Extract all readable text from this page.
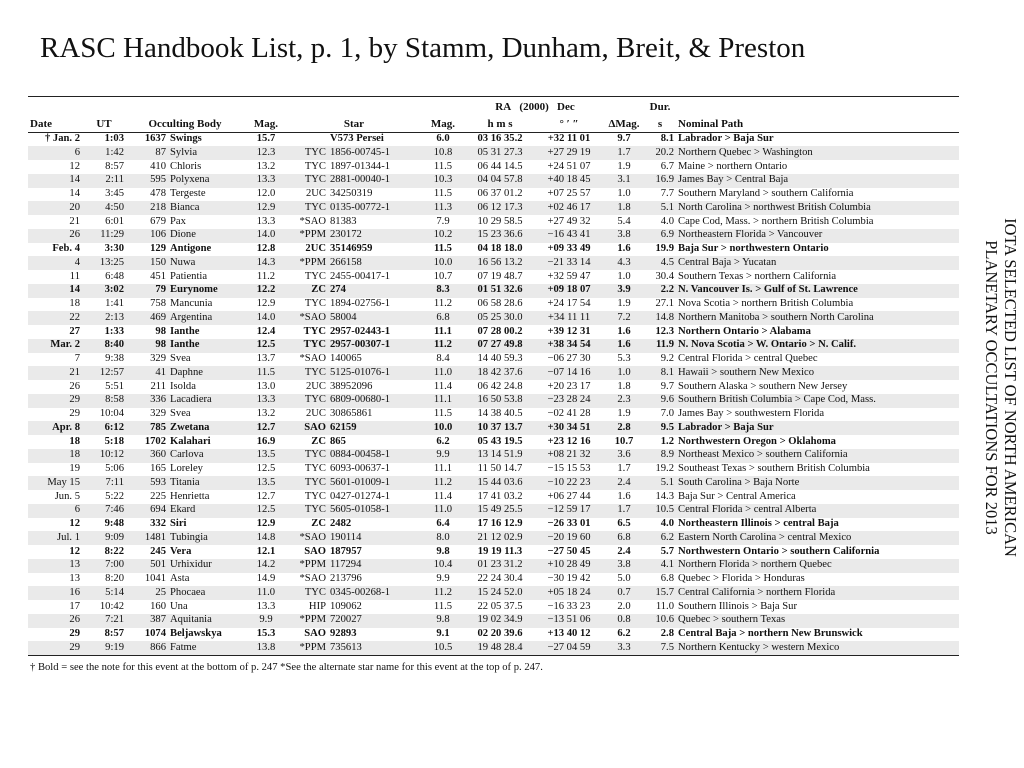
RASC Handbook List, p. 1, by Stamm, Dunham, Breit, & Preston
								RA (2000) Dec			Dur.	
Date	UT	Occulting Body		Mag.	Star		Mag.	h m s	° ′ ″	ΔMag.	s	Nominal Path
† Jan. 2	1:03	1637	Swings	15.7		V573 Persei	6.0	03 16 35.2	+32 11 01	9.7	8.1	Labrador > Baja Sur
6	1:42	87	Sylvia	12.3	TYC	1856-00745-1	10.8	05 31 27.3	+27 29 19	1.7	20.2	Northern Quebec > Washington
12	8:57	410	Chloris	13.2	TYC	1897-01344-1	11.5	06 44 14.5	+24 51 07	1.9	6.7	Maine > northern Ontario
14	2:11	595	Polyxena	13.3	TYC	2881-00040-1	10.3	04 04 57.8	+40 18 45	3.1	16.9	James Bay > Central Baja
14	3:45	478	Tergeste	12.0	2UC	34250319	11.5	06 37 01.2	+07 25 57	1.0	7.7	Southern Maryland > southern California
20	4:50	218	Bianca	12.9	TYC	0135-00772-1	11.3	06 12 17.3	+02 46 17	1.8	5.1	North Carolina > northwest British Columbia
21	6:01	679	Pax	13.3	*SAO	81383	7.9	10 29 58.5	+27 49 32	5.4	4.0	Cape Cod, Mass. > northern British Columbia
26	11:29	106	Dione	14.0	*PPM	230172	10.2	15 23 36.6	−16 43 41	3.8	6.9	Northeastern Florida > Vancouver
Feb. 4	3:30	129	Antigone	12.8	2UC	35146959	11.5	04 18 18.0	+09 33 49	1.6	19.9	Baja Sur > northwestern Ontario
4	13:25	150	Nuwa	14.3	*PPM	266158	10.0	16 56 13.2	−21 33 14	4.3	4.5	Central Baja > Yucatan
11	6:48	451	Patientia	11.2	TYC	2455-00417-1	10.7	07 19 48.7	+32 59 47	1.0	30.4	Southern Texas > northern California
14	3:02	79	Eurynome	12.2	ZC	274	8.3	01 51 32.6	+09 18 07	3.9	2.2	N. Vancouver Is. > Gulf of St. Lawrence
18	1:41	758	Mancunia	12.9	TYC	1894-02756-1	11.2	06 58 28.6	+24 17 54	1.9	27.1	Nova Scotia > northern British Columbia
22	2:13	469	Argentina	14.0	*SAO	58004	6.8	05 25 30.0	+34 11 11	7.2	14.8	Northern Manitoba > southern North Carolina
27	1:33	98	Ianthe	12.4	TYC	2957-02443-1	11.1	07 28 00.2	+39 12 31	1.6	12.3	Northern Ontario > Alabama
Mar. 2	8:40	98	Ianthe	12.5	TYC	2957-00307-1	11.2	07 27 49.8	+38 34 54	1.6	11.9	N. Nova Scotia > W. Ontario > N. Calif.
7	9:38	329	Svea	13.7	*SAO	140065	8.4	14 40 59.3	−06 27 30	5.3	9.2	Central Florida > central Quebec
21	12:57	41	Daphne	11.5	TYC	5125-01076-1	11.0	18 42 37.6	−07 14 16	1.0	8.1	Hawaii > southern New Mexico
26	5:51	211	Isolda	13.0	2UC	38952096	11.4	06 42 24.8	+20 23 17	1.8	9.7	Southern Alaska > southern New Jersey
29	8:58	336	Lacadiera	13.3	TYC	6809-00680-1	11.1	16 50 53.8	−23 28 24	2.3	9.6	Southern British Columbia > Cape Cod, Mass.
29	10:04	329	Svea	13.2	2UC	30865861	11.5	14 38 40.5	−02 41 28	1.9	7.0	James Bay > southwestern Florida
Apr. 8	6:12	785	Zwetana	12.7	SAO	62159	10.0	10 37 13.7	+30 34 51	2.8	9.5	Labrador > Baja Sur
18	5:18	1702	Kalahari	16.9	ZC	865	6.2	05 43 19.5	+23 12 16	10.7	1.2	Northwestern Oregon > Oklahoma
18	10:12	360	Carlova	13.5	TYC	0884-00458-1	9.9	13 14 51.9	+08 21 32	3.6	8.9	Northeast Mexico > southern California
19	5:06	165	Loreley	12.5	TYC	6093-00637-1	11.1	11 50 14.7	−15 15 53	1.7	19.2	Southeast Texas > southern British Columbia
May 15	7:11	593	Titania	13.5	TYC	5601-01009-1	11.2	15 44 03.6	−10 22 23	2.4	5.1	South Carolina > Baja Norte
Jun. 5	5:22	225	Henrietta	12.7	TYC	0427-01274-1	11.4	17 41 03.2	+06 27 44	1.6	14.3	Baja Sur > Central America
6	7:46	694	Ekard	12.5	TYC	5605-01058-1	11.0	15 49 25.5	−12 59 17	1.7	10.5	Central Florida > central Alberta
12	9:48	332	Siri	12.9	ZC	2482	6.4	17 16 12.9	−26 33 01	6.5	4.0	Northeastern Illinois > central Baja
Jul. 1	9:09	1481	Tubingia	14.8	*SAO	190114	8.0	21 12 02.9	−20 19 60	6.8	6.2	Eastern North Carolina > central Mexico
12	8:22	245	Vera	12.1	SAO	187957	9.8	19 19 11.3	−27 50 45	2.4	5.7	Northwestern Ontario > southern California
13	7:00	501	Urhixidur	14.2	*PPM	117294	10.4	01 23 31.2	+10 28 49	3.8	4.1	Northern Florida > northern Quebec
13	8:20	1041	Asta	14.9	*SAO	213796	9.9	22 24 30.4	−30 19 42	5.0	6.8	Quebec > Florida > Honduras
16	5:14	25	Phocaea	11.0	TYC	0345-00268-1	11.2	15 24 52.0	+05 18 24	0.7	15.7	Central California > northern Florida
17	10:42	160	Una	13.3	HIP	109062	11.5	22 05 37.5	−16 33 23	2.0	11.0	Southern Illinois > Baja Sur
26	7:21	387	Aquitania	9.9	*PPM	720027	9.8	19 02 34.9	−13 51 06	0.8	10.6	Quebec > southern Texas
29	8:57	1074	Beljawskya	15.3	SAO	92893	9.1	02 20 39.6	+13 40 12	6.2	2.8	Central Baja > northern New Brunswick
29	9:19	866	Fatme	13.8	*PPM	735613	10.5	19 48 28.4	−27 04 59	3.3	7.5	Northern Kentucky > western Mexico
† Bold = see the note for this event at the bottom of p. 247 *See the alternate star name for this event at the top of p. 247.
IOTA SELECTED LIST OF NORTH AMERICAN
PLANETARY OCCULTATIONS FOR 2013
